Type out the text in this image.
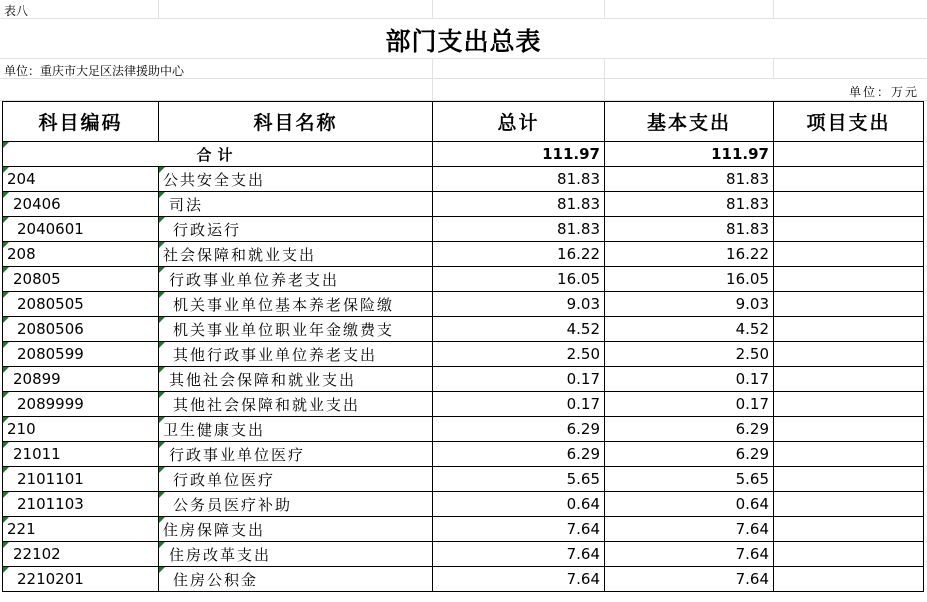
表八
部门支出总表
单位：重庆市大足区法律援助中心
单位：万元
科目编码	科目名称	总计	基本支出	项目支出

合计		111.97	111.97	

204	公共安全支出	81.83	81.83	

20406	司法	81.83	81.83	

2040601	行政运行	81.83	81.83	

208	社会保障和就业支出	16.22	16.22	

20805	行政事业单位养老支出	16.05	16.05	

2080505	机关事业单位基本养老保险缴	9.03	9.03	

2080506	机关事业单位职业年金缴费支	4.52	4.52	

2080599	其他行政事业单位养老支出	2.50	2.50	

20899	其他社会保障和就业支出	0.17	0.17	

2089999	其他社会保障和就业支出	0.17	0.17	

210	卫生健康支出	6.29	6.29	

21011	行政事业单位医疗	6.29	6.29	

2101101	行政单位医疗	5.65	5.65	

2101103	公务员医疗补助	0.64	0.64	

221	住房保障支出	7.64	7.64	

22102	住房改革支出	7.64	7.64	

2210201	住房公积金	7.64	7.64	
